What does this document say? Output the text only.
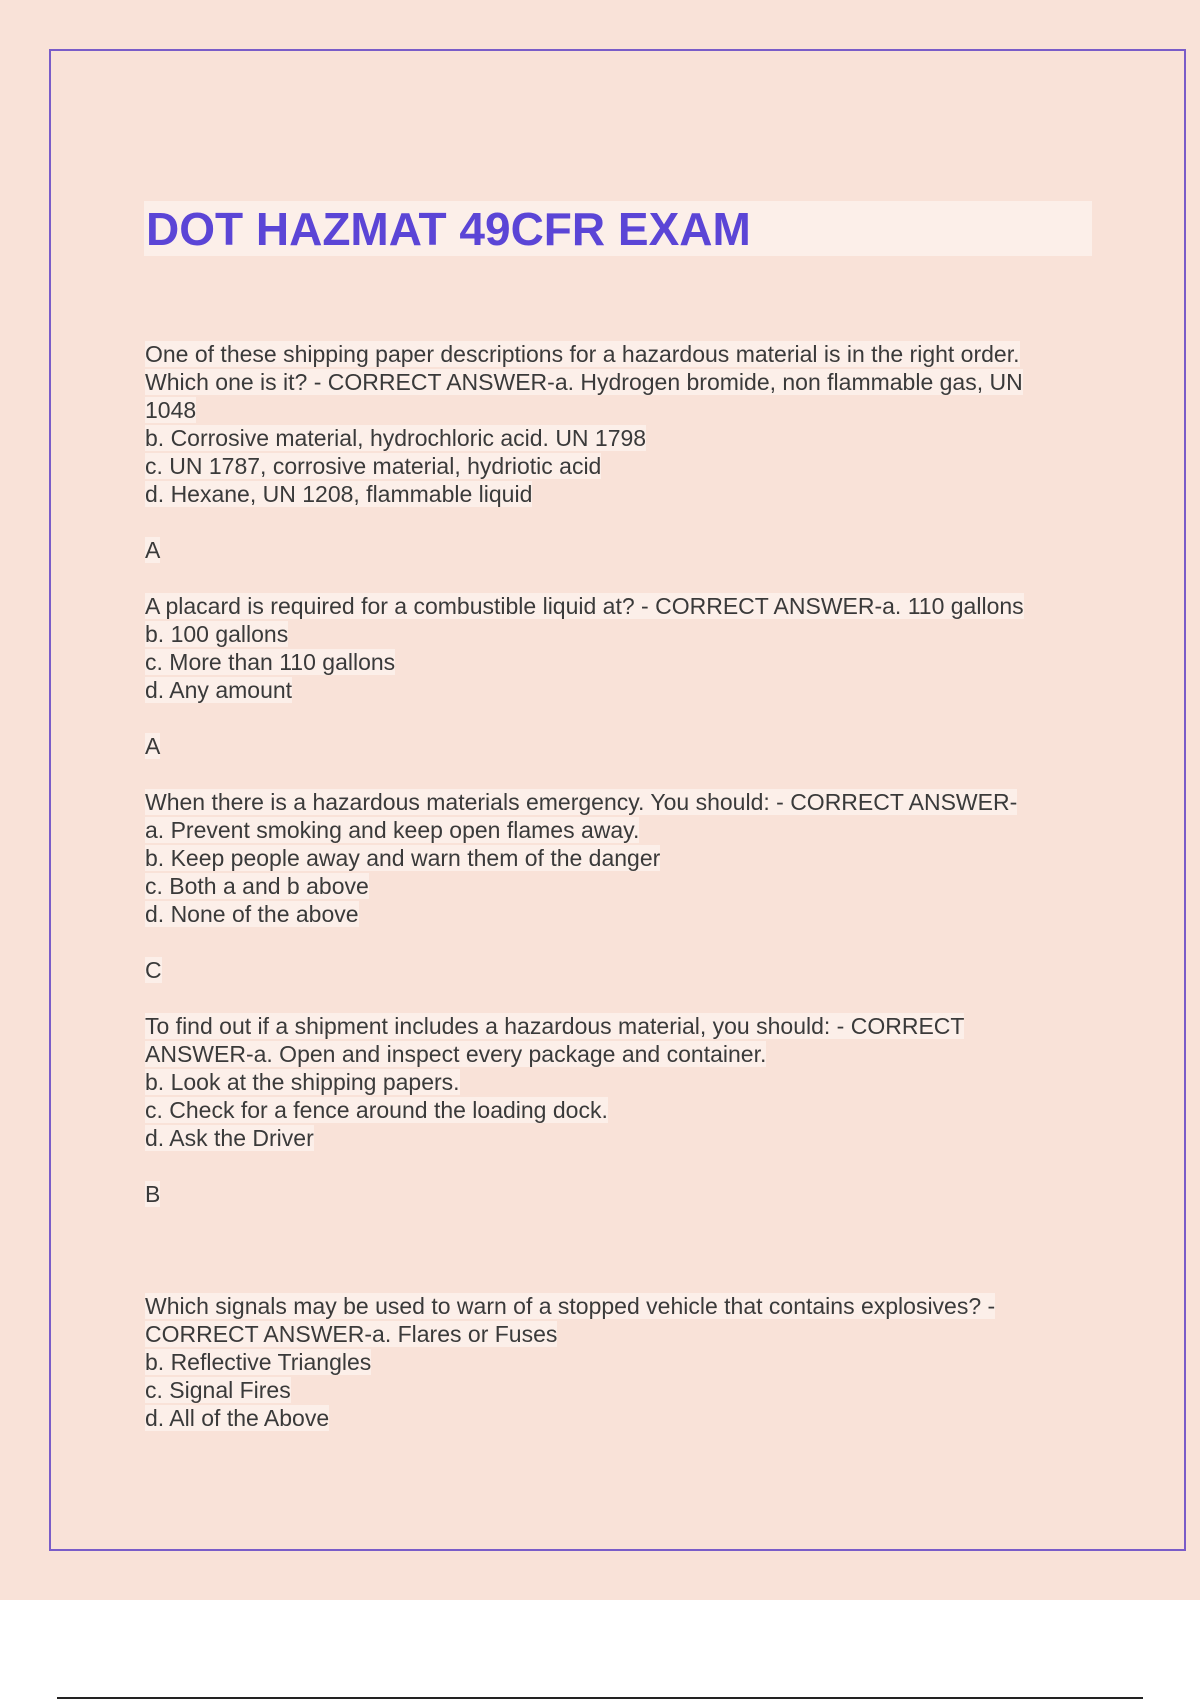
DOT HAZMAT 49CFR EXAM
One of these shipping paper descriptions for a hazardous material is in the right order.
Which one is it? - CORRECT ANSWER-a. Hydrogen bromide, non flammable gas, UN
1048
b. Corrosive material, hydrochloric acid. UN 1798
c. UN 1787, corrosive material, hydriotic acid
d. Hexane, UN 1208, flammable liquid
A
A placard is required for a combustible liquid at? - CORRECT ANSWER-a. 110 gallons
b. 100 gallons
c. More than 110 gallons
d. Any amount
A
When there is a hazardous materials emergency. You should: - CORRECT ANSWER-
a. Prevent smoking and keep open flames away.
b. Keep people away and warn them of the danger
c. Both a and b above
d. None of the above
C
To find out if a shipment includes a hazardous material, you should: - CORRECT
ANSWER-a. Open and inspect every package and container.
b. Look at the shipping papers.
c. Check for a fence around the loading dock.
d. Ask the Driver
B
Which signals may be used to warn of a stopped vehicle that contains explosives? -
CORRECT ANSWER-a. Flares or Fuses
b. Reflective Triangles
c. Signal Fires
d. All of the Above
